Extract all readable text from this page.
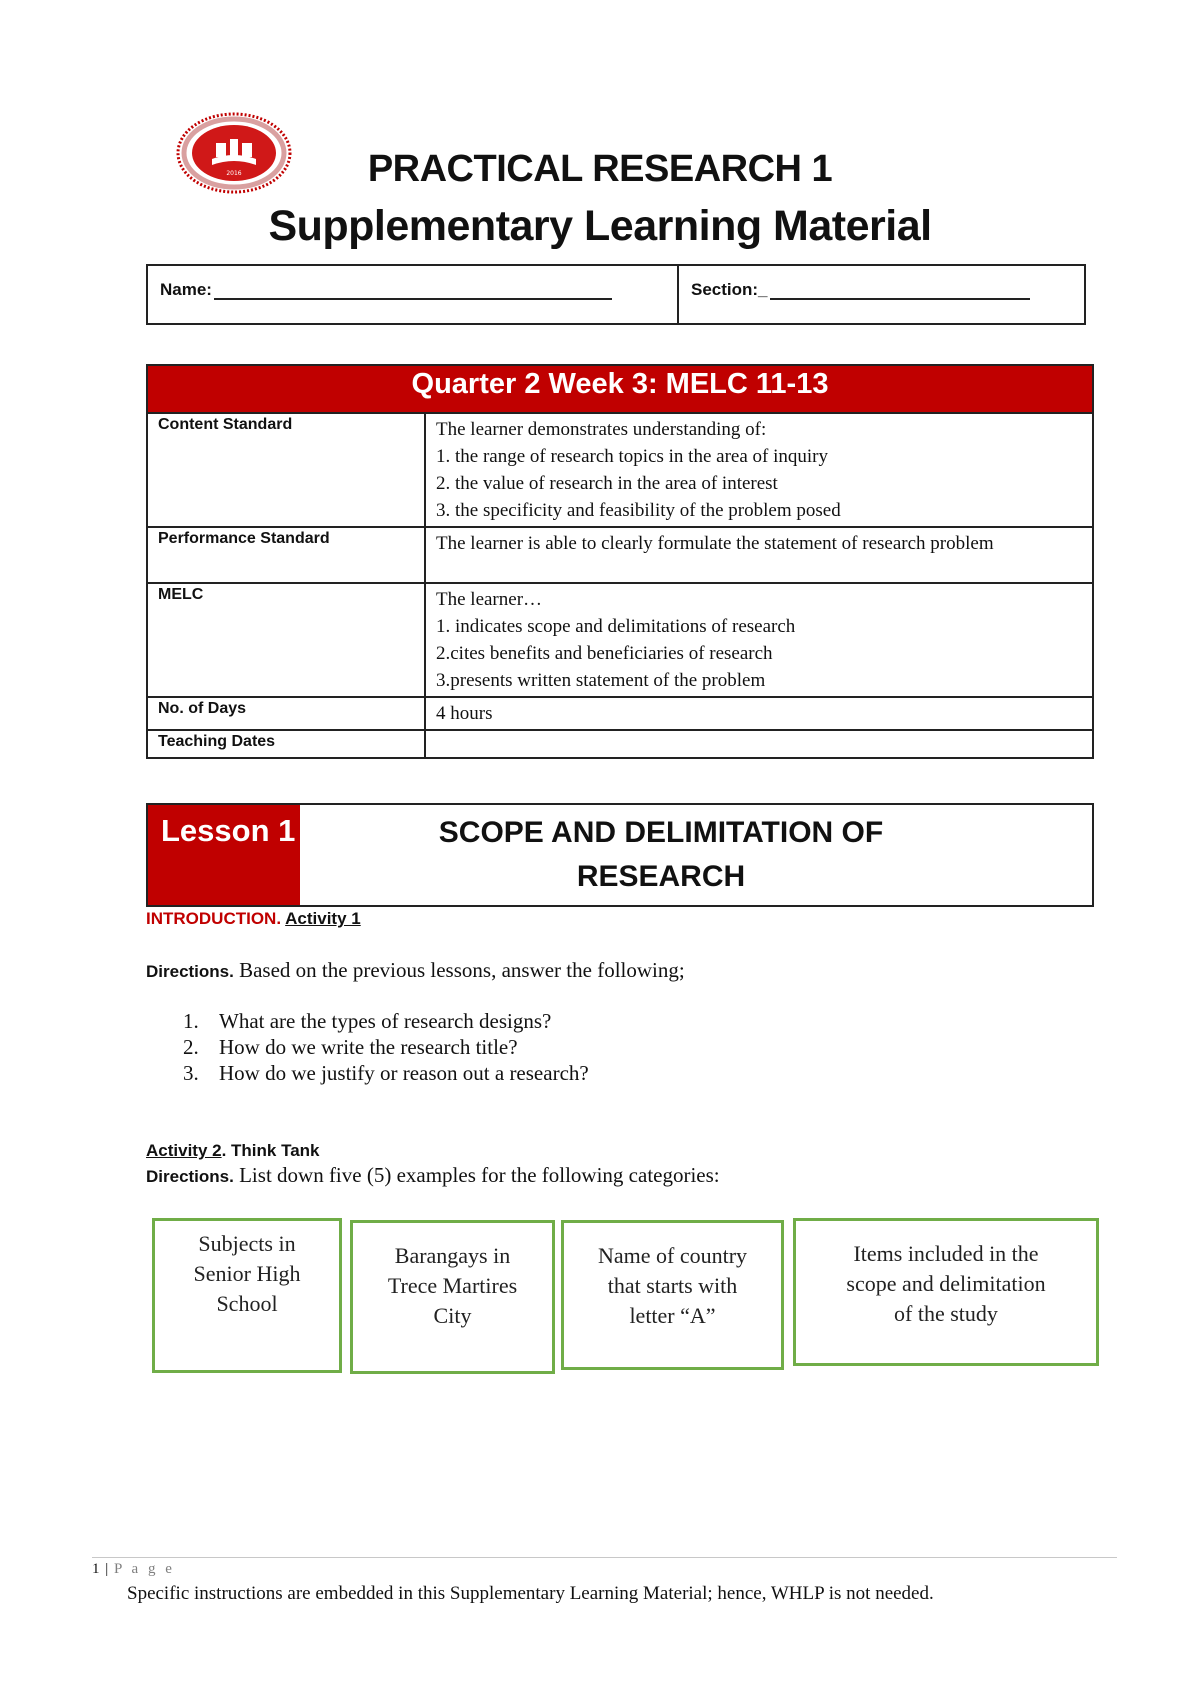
2016	PRACTICAL RESEARCH 1
Supplementary Learning Material
Name:	Section:_
Quarter 2 Week 3: MELC 11-13	
Content Standard	The learner demonstrates understanding of:
1. the range of research topics in the area of inquiry
2. the value of research in the area of interest
3. the specificity and feasibility of the problem posed

Performance Standard	The learner is able to clearly formulate the statement of research problem

MELC	The learner…
1. indicates scope and delimitations of research
2.cites benefits and beneficiaries of research
3.presents written statement of the problem

No. of Days	4 hours

Teaching Dates	
Lesson 1	SCOPE AND DELIMITATION OF
RESEARCH
INTRODUCTION. Activity 1
Directions. Based on the previous lessons, answer the following;
1. What are the types of research designs?
2. How do we write the research title?
3. How do we justify or reason out a research?
Activity 2. Think Tank
Directions. List down five (5) examples for the following categories:
Subjects in
Senior High
School
Barangays in
Trece Martires
City
Name of country
that starts with
letter “A”
Items included in the
scope and delimitation
of the study
1 | P a g e
Specific instructions are embedded in this Supplementary Learning Material; hence, WHLP is not needed.
